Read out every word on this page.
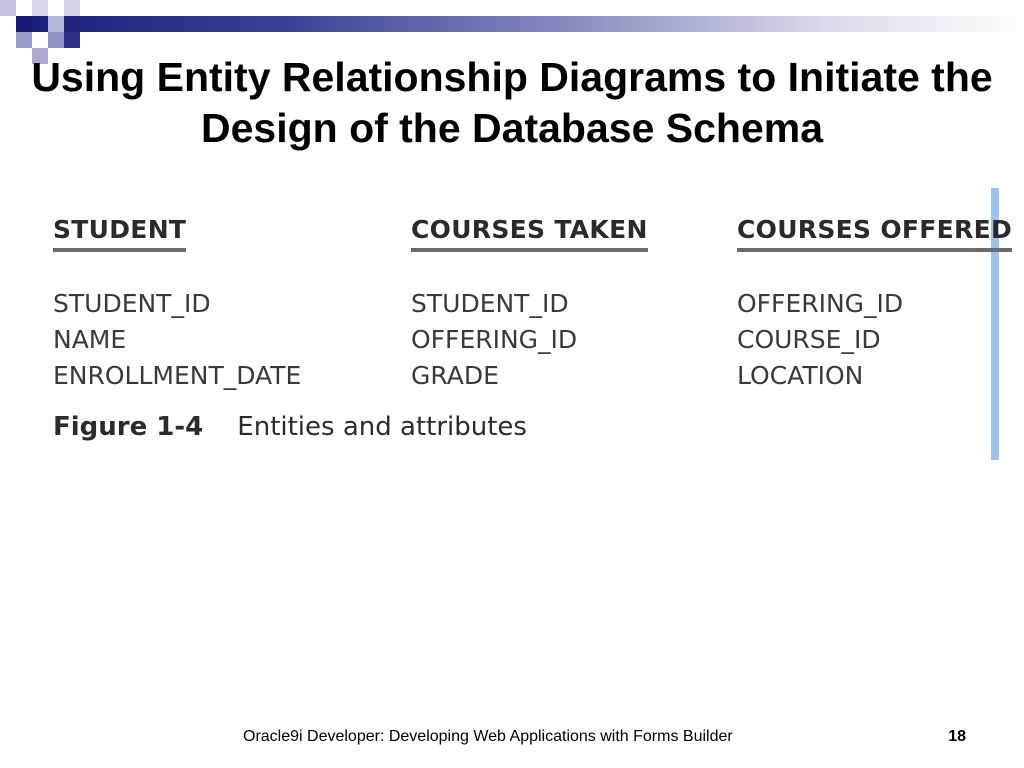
Using Entity Relationship Diagrams to Initiate the Design of the Database Schema
STUDENT
STUDENT_ID
NAME
ENROLLMENT_DATE
COURSES TAKEN
STUDENT_ID
OFFERING_ID
GRADE
COURSES OFFERED
OFFERING_ID
COURSE_ID
LOCATION
Figure 1-4 Entities and attributes
Oracle9i Developer: Developing Web Applications with Forms Builder	18
